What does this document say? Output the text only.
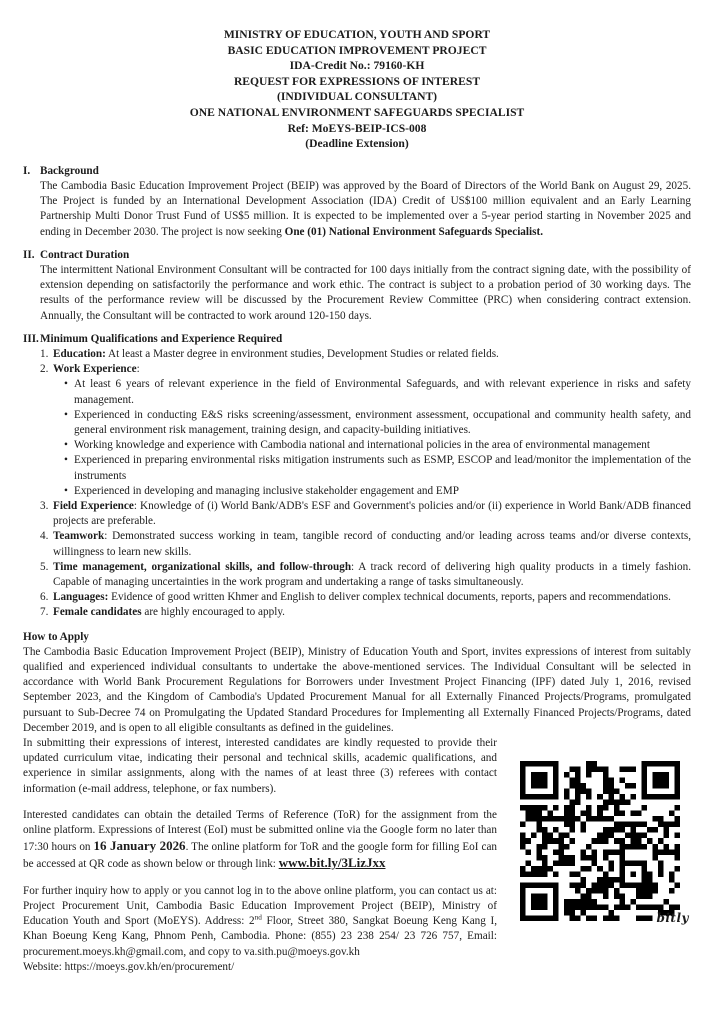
MINISTRY OF EDUCATION, YOUTH AND SPORT
BASIC EDUCATION IMPROVEMENT PROJECT
IDA-Credit No.: 79160-KH
REQUEST FOR EXPRESSIONS OF INTEREST
(INDIVIDUAL CONSULTANT)
ONE NATIONAL ENVIRONMENT SAFEGUARDS SPECIALIST
Ref: MoEYS-BEIP-ICS-008
(Deadline Extension)
I. Background

The Cambodia Basic Education Improvement Project (BEIP) was approved by the Board of Directors of the World Bank on August 29, 2025. The Project is funded by an International Development Association (IDA) Credit of US$100 million equivalent and an Early Learning Partnership Multi Donor Trust Fund of US$5 million. It is expected to be implemented over a 5-year period starting in November 2025 and ending in December 2030. The project is now seeking One (01) National Environment Safeguards Specialist.

II. Contract Duration

The intermittent National Environment Consultant will be contracted for 100 days initially from the contract signing date, with the possibility of extension depending on satisfactorily the performance and work ethic. The contract is subject to a probation period of 30 working days. The results of the performance review will be discussed by the Procurement Review Committee (PRC) when considering contract extension. Annually, the Consultant will be contracted to work around 120-150 days.

III.Minimum Qualifications and Experience Required
1. Education: At least a Master degree in environment studies, Development Studies or related fields.
2. Work Experience:
• At least 6 years of relevant experience in the field of Environmental Safeguards, and with relevant experience in risks and safety management.
• Experienced in conducting E&S risks screening/assessment, environment assessment, occupational and community health safety, and general environment risk management, training design, and capacity-building initiatives.
• Working knowledge and experience with Cambodia national and international policies in the area of environmental management
• Experienced in preparing environmental risks mitigation instruments such as ESMP, ESCOP and lead/monitor the implementation of the instruments
• Experienced in developing and managing inclusive stakeholder engagement and EMP
3. Field Experience: Knowledge of (i) World Bank/ADB's ESF and Government's policies and/or (ii) experience in World Bank/ADB financed projects are preferable.
4. Teamwork: Demonstrated success working in team, tangible record of conducting and/or leading across teams and/or diverse contexts, willingness to learn new skills.
5. Time management, organizational skills, and follow-through: A track record of delivering high quality products in a timely fashion. Capable of managing uncertainties in the work program and undertaking a range of tasks simultaneously.
6. Languages: Evidence of good written Khmer and English to deliver complex technical documents, reports, papers and recommendations.
7. Female candidates are highly encouraged to apply.
How to Apply

The Cambodia Basic Education Improvement Project (BEIP), Ministry of Education Youth and Sport, invites expressions of interest from suitably qualified and experienced individual consultants to undertake the above-mentioned services. The Individual Consultant will be selected in accordance with World Bank Procurement Regulations for Borrowers under Investment Project Financing (IPF) dated July 1, 2016, revised September 2023, and the Kingdom of Cambodia's Updated Procurement Manual for all Externally Financed Projects/Programs, promulgated pursuant to Sub-Decree 74 on Promulgating the Updated Standard Procedures for Implementing all Externally Financed Projects/Programs, dated December 2019, and is open to all eligible consultants as defined in the guidelines.

bitly

In submitting their expressions of interest, interested candidates are kindly requested to provide their updated curriculum vitae, indicating their personal and technical skills, academic qualifications, and experience in similar assignments, along with the names of at least three (3) referees with contact information (e-mail address, telephone, or fax numbers).

Interested candidates can obtain the detailed Terms of Reference (ToR) for the assignment from the online platform. Expressions of Interest (EoI) must be submitted online via the Google form no later than 17:30 hours on 16 January 2026. The online platform for ToR and the google form for filling EoI can be accessed at QR code as shown below or through link: www.bit.ly/3LizJxx

For further inquiry how to apply or you cannot log in to the above online platform, you can contact us at: Project Procurement Unit, Cambodia Basic Education Improvement Project (BEIP), Ministry of Education Youth and Sport (MoEYS). Address: 2nd Floor, Street 380, Sangkat Boeung Keng Kang I, Khan Boeung Keng Kang, Phnom Penh, Cambodia. Phone: (855) 23 238 254/ 23 726 757, Email: procurement.moeys.kh@gmail.com, and copy to va.sith.pu@moeys.gov.kh

Website: https://moeys.gov.kh/en/procurement/
